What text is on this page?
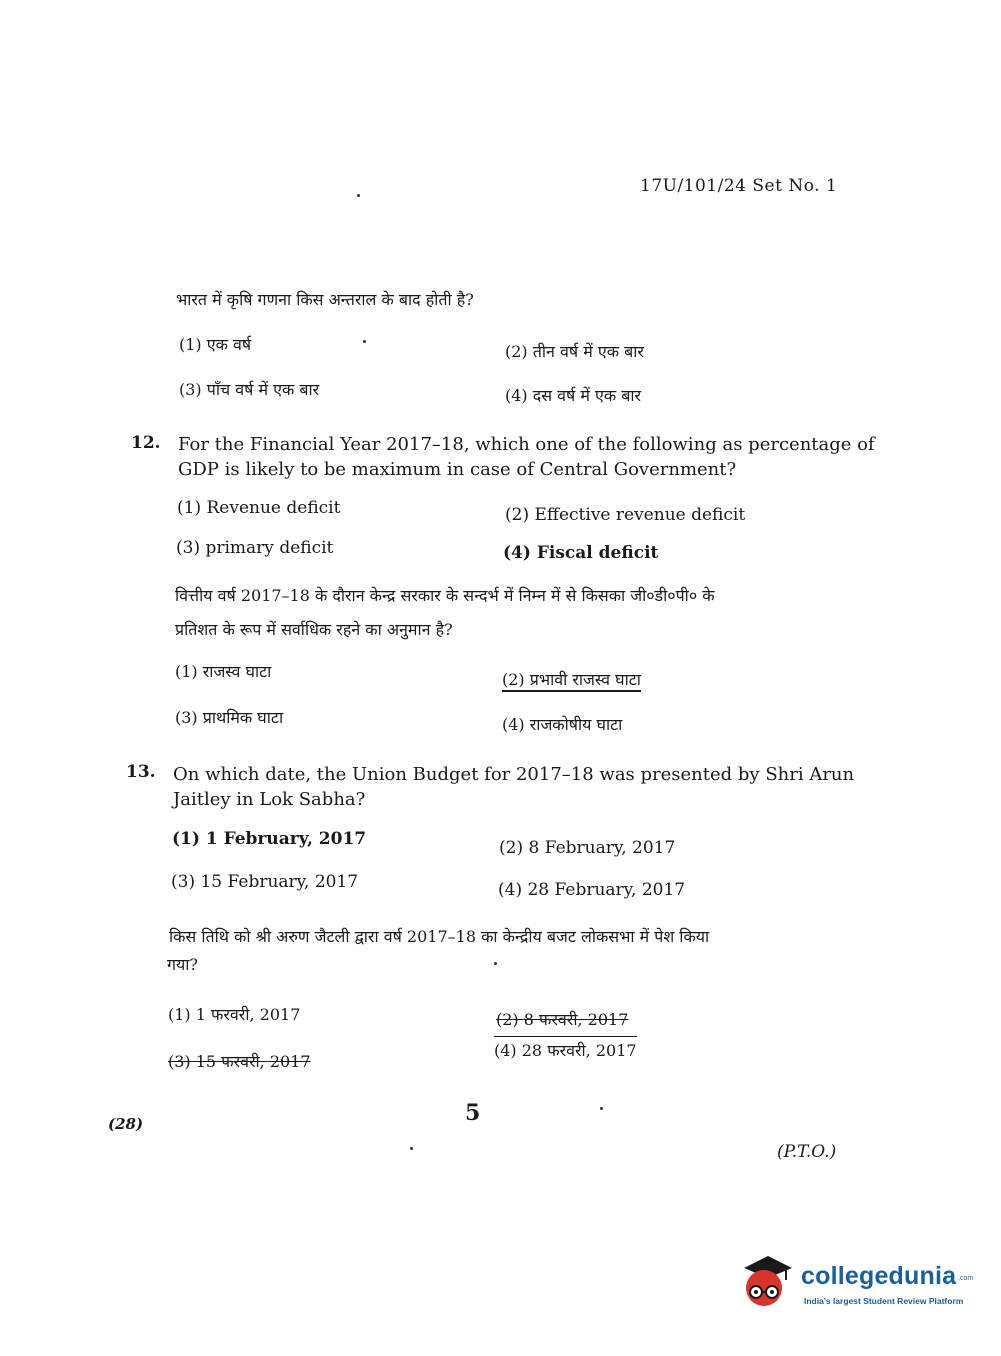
17U/101/24 Set No. 1
भारत में कृषि गणना किस अन्तराल के बाद होती है?
(1) एक वर्ष	(2) तीन वर्ष में एक बार
(3) पाँच वर्ष में एक बार	(4) दस वर्ष में एक बार
12. For the Financial Year 2017–18, which one of the following as percentage of
GDP is likely to be maximum in case of Central Government?
(1) Revenue deficit	(2) Effective revenue deficit
(3) primary deficit	(4) Fiscal deficit
वित्तीय वर्ष 2017–18 के दौरान केन्द्र सरकार के सन्दर्भ में निम्न में से किसका जी०डी०पी० के
प्रतिशत के रूप में सर्वाधिक रहने का अनुमान है?
(1) राजस्व घाटा	(2) प्रभावी राजस्व घाटा
(3) प्राथमिक घाटा	(4) राजकोषीय घाटा
13. On which date, the Union Budget for 2017–18 was presented by Shri Arun
Jaitley in Lok Sabha?
(1) 1 February, 2017	(2) 8 February, 2017
(3) 15 February, 2017	(4) 28 February, 2017
किस तिथि को श्री अरुण जैटली द्वारा वर्ष 2017–18 का केन्द्रीय बजट लोकसभा में पेश किया
गया?
(1) 1 फरवरी, 2017	(2) 8 फरवरी, 2017
(3) 15 फरवरी, 2017
(4) 28 फरवरी, 2017
(28)	5
(P.T.O.)
collegedunia .com
India's largest Student Review Platform
